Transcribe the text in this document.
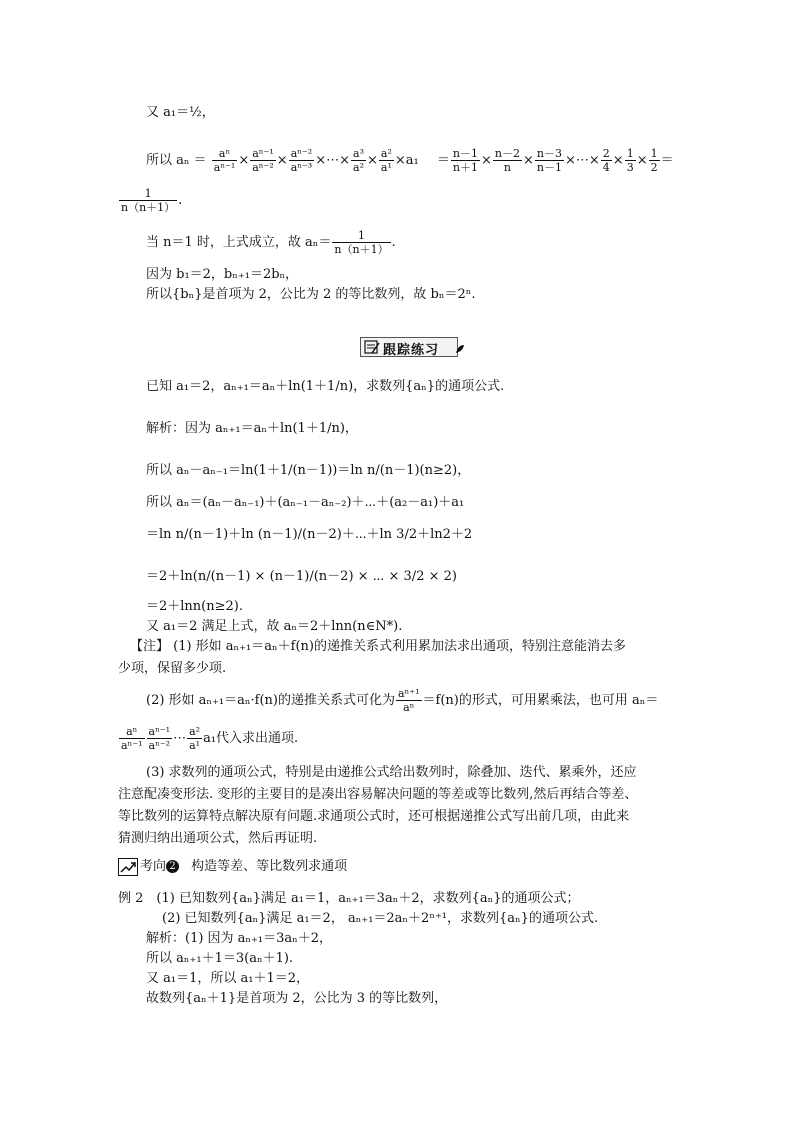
又 a₁＝½，
所以 $a_n = \frac{\text{aⁿ}}{\text{aⁿ⁻¹}} \times \frac{\text{aⁿ⁻¹}}{\text{aⁿ⁻²}} \times \frac{\text{aⁿ⁻²}}{\text{aⁿ⁻³}}$ ×⋯× $\frac{\text{a³}}{\text{a²}} \times \frac{\text{a²}}{\text{a¹}} \times a_1 = \frac{n-1}{n+1} \times \frac{n-2}{n} \times \frac{n-3}{n-1}$ ×⋯× $\frac{2}{4} \times \frac{1}{3} \times \frac{1}{2}$ ＝
$\frac{1}{n(n+1)}$ .
当 n＝1 时，上式成立，故 $a_n= \frac{1}{n(n+1)}$ .
因为 b₁＝2，bₙ₊₁＝2bₙ，
所以{bₙ}是首项为 2，公比为 2 的等比数列，故 bₙ＝2ⁿ.
跟踪练习
已知 a₁＝2，aₙ₊₁＝aₙ＋ln(1＋1/n)，求数列{aₙ}的通项公式.
解析：因为 aₙ₊₁＝aₙ＋ln(1＋1/n)，
所以 aₙ－aₙ₋₁＝ln(1＋1/(n－1))＝ln n/(n－1)(n≥2)，
所以 aₙ＝(aₙ－aₙ₋₁)＋(aₙ₋₁－aₙ₋₂)＋⋯＋(a₂－a₁)＋a₁
＝ln n/(n－1)＋ln (n－1)/(n－2)＋⋯＋ln 3/2＋ln2＋2
＝2＋ln(n/(n－1) × (n－1)/(n－2) × ⋯ × 3/2 × 2)
＝2＋lnn(n≥2).
又 a₁＝2 满足上式，故 aₙ＝2＋lnn(n∈N*).
【注】 (1) 形如 aₙ₊₁＝aₙ＋f(n)的递推关系式利用累加法求出通项，特别注意能消去多
少项，保留多少项.
(2) 形如 aₙ₊₁＝aₙ·f(n)的递推关系式可化为 $\frac{\text{aⁿ⁺¹}}{\text{aⁿ}} =f(n)$的形式，可用累乘法，也可用 aₙ＝
$\frac{\text{aⁿ}}{\text{aⁿ⁻¹}} \frac{\text{aⁿ⁻¹}}{\text{aⁿ⁻²}}$ ⋯ $\frac{\text{a²}}{\text{a¹}} a_1$代入求出通项.
(3) 求数列的通项公式，特别是由递推公式给出数列时，除叠加、迭代、累乘外，还应
注意配凑变形法. 变形的主要目的是凑出容易解决问题的等差或等比数列,然后再结合等差、
等比数列的运算特点解决原有问题.求通项公式时，还可根据递推公式写出前几项，由此来
猜测归纳出通项公式，然后再证明.
考向 2 构造等差、等比数列求通项
例 2　(1) 已知数列{aₙ}满足 a₁＝1，aₙ₊₁＝3aₙ＋2，求数列{aₙ}的通项公式；
(2) 已知数列{aₙ}满足 a₁＝2， aₙ₊₁＝2aₙ＋2ⁿ⁺¹，求数列{aₙ}的通项公式.
解析：(1) 因为 aₙ₊₁＝3aₙ＋2，
所以 aₙ₊₁＋1＝3(aₙ＋1).
又 a₁＝1，所以 a₁＋1＝2，
故数列{aₙ＋1}是首项为 2，公比为 3 的等比数列，
